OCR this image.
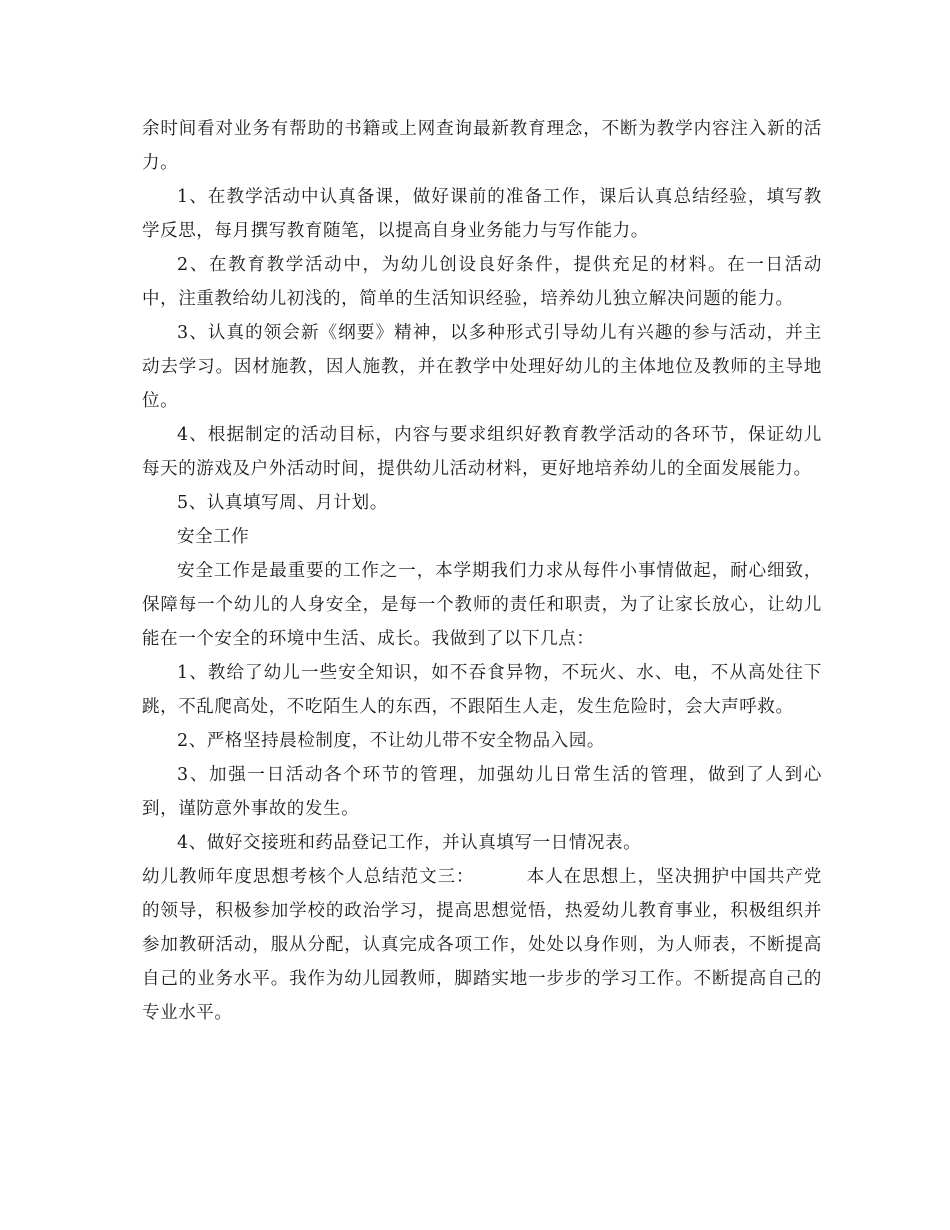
余时间看对业务有帮助的书籍或上网查询最新教育理念，不断为教学内容注入新的活力。

1、在教学活动中认真备课，做好课前的准备工作，课后认真总结经验，填写教学反思，每月撰写教育随笔，以提高自身业务能力与写作能力。

2、在教育教学活动中，为幼儿创设良好条件，提供充足的材料。在一日活动中，注重教给幼儿初浅的，简单的生活知识经验，培养幼儿独立解决问题的能力。

3、认真的领会新《纲要》精神，以多种形式引导幼儿有兴趣的参与活动，并主动去学习。因材施教，因人施教，并在教学中处理好幼儿的主体地位及教师的主导地位。

4、根据制定的活动目标，内容与要求组织好教育教学活动的各环节，保证幼儿每天的游戏及户外活动时间，提供幼儿活动材料，更好地培养幼儿的全面发展能力。

5、认真填写周、月计划。

安全工作

安全工作是最重要的工作之一，本学期我们力求从每件小事情做起，耐心细致，保障每一个幼儿的人身安全，是每一个教师的责任和职责，为了让家长放心，让幼儿能在一个安全的环境中生活、成长。我做到了以下几点：

1、教给了幼儿一些安全知识，如不吞食异物，不玩火、水、电，不从高处往下跳，不乱爬高处，不吃陌生人的东西，不跟陌生人走，发生危险时，会大声呼救。

2、严格坚持晨检制度，不让幼儿带不安全物品入园。

3、加强一日活动各个环节的管理，加强幼儿日常生活的管理，做到了人到心到，谨防意外事故的发生。

4、做好交接班和药品登记工作，并认真填写一日情况表。

幼儿教师年度思想考核个人总结范文三：        本人在思想上，坚决拥护中国共产党的领导，积极参加学校的政治学习，提高思想觉悟，热爱幼儿教育事业，积极组织并参加教研活动，服从分配，认真完成各项工作，处处以身作则，为人师表，不断提高自己的业务水平。我作为幼儿园教师，脚踏实地一步步的学习工作。不断提高自己的专业水平。
